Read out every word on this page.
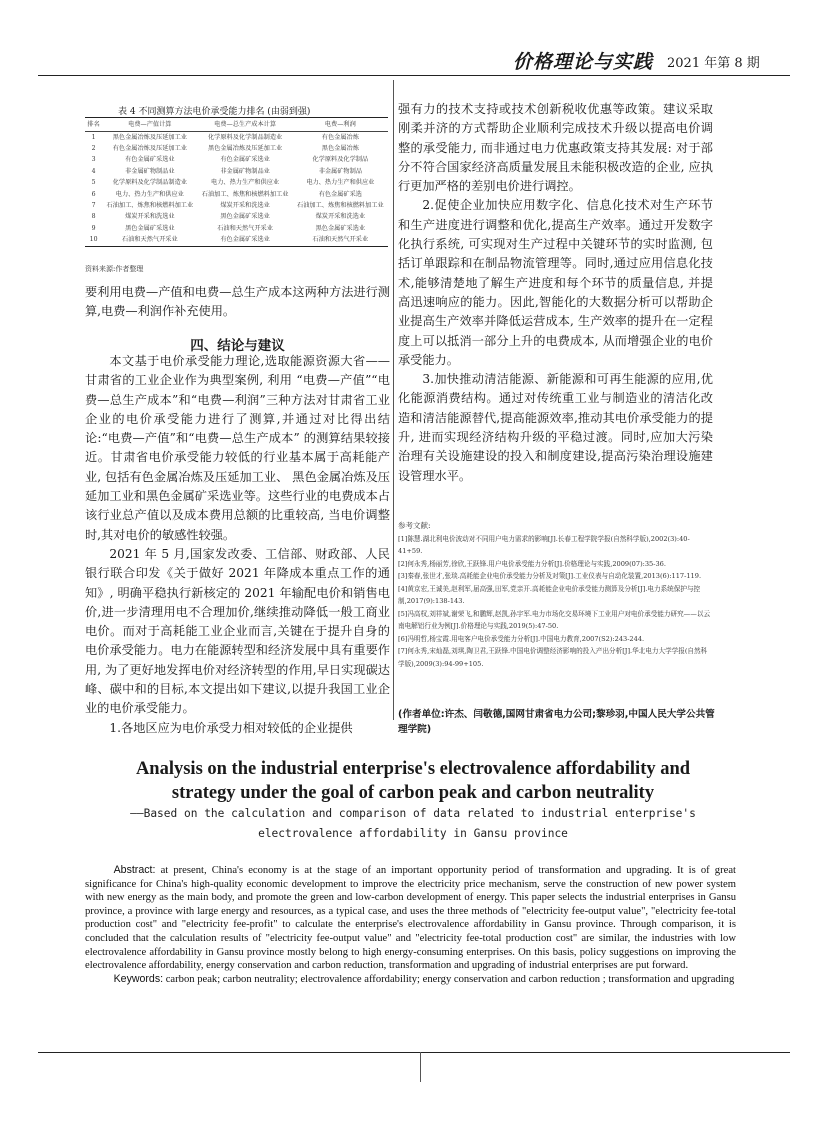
价格理论与实践 2021 年第 8 期
表 4 不同测算方法电价承受能力排名 (由弱到强)
排名	电费—产值计算	电费—总生产成本计算	电费—利润
1	黑色金属冶炼及压延加工业	化学原料及化学制品制造业	有色金属冶炼
2	有色金属冶炼及压延加工业	黑色金属冶炼及压延加工业	黑色金属冶炼
3	有色金属矿采选业	有色金属矿采选业	化学原料及化学制品
4	非金属矿物制品业	非金属矿物制品业	非金属矿物制品
5	化学原料及化学制品制造业	电力、热力生产和供应业	电力、热力生产和供应业
6	电力、热力生产和供应业	石油加工、炼焦和核燃料加工业	有色金属矿采选
7	石油加工、炼焦和核燃料加工业	煤炭开采和洗选业	石油加工、炼焦和核燃料加工业
8	煤炭开采和洗选业	黑色金属矿采选业	煤炭开采和洗选业
9	黑色金属矿采选业	石油和天然气开采业	黑色金属矿采选业
10	石油和天然气开采业	有色金属矿采选业	石油和天然气开采业
资料来源:作者整理

要利用电费—产值和电费—总生产成本这两种方法进行测算,电费—利润作补充使用。

四、结论与建议

本文基于电价承受能力理论,选取能源资源大省——甘肃省的工业企业作为典型案例, 利用 “电费—产值”“电费—总生产成本”和“电费—利润”三种方法对甘肃省工业企业的电价承受能力进行了测算,并通过对比得出结论:“电费—产值”和“电费—总生产成本” 的测算结果较接近。甘肃省电价承受能力较低的行业基本属于高耗能产业, 包括有色金属冶炼及压延加工业、 黑色金属冶炼及压延加工业和黑色金属矿采选业等。这些行业的电费成本占该行业总产值以及成本费用总额的比重较高, 当电价调整时,其对电价的敏感性较强。

2021 年 5 月,国家发改委、工信部、财政部、人民银行联合印发《关于做好 2021 年降成本重点工作的通知》, 明确平稳执行新核定的 2021 年输配电价和销售电价,进一步清理用电不合理加价,继续推动降低一般工商业电价。而对于高耗能工业企业而言,关键在于提升自身的电价承受能力。电力在能源转型和经济发展中具有重要作用, 为了更好地发挥电价对经济转型的作用,早日实现碳达峰、碳中和的目标,本文提出如下建议,以提升我国工业企业的电价承受能力。

1.各地区应为电价承受力相对较低的企业提供

强有力的技术支持或技术创新税收优惠等政策。建议采取刚柔并济的方式帮助企业顺利完成技术升级以提高电价调整的承受能力, 而非通过电力优惠政策支持其发展: 对于部分不符合国家经济高质量发展且未能积极改造的企业, 应执行更加严格的差别电价进行调控。

2.促使企业加快应用数字化、信息化技术对生产环节和生产进度进行调整和优化,提高生产效率。通过开发数字化执行系统, 可实现对生产过程中关键环节的实时监测, 包括订单跟踪和在制品物流管理等。同时,通过应用信息化技术,能够清楚地了解生产进度和每个环节的质量信息, 并提高迅速响应的能力。因此,智能化的大数据分析可以帮助企业提高生产效率并降低运营成本, 生产效率的提升在一定程度上可以抵消一部分上升的电费成本, 从而增强企业的电价承受能力。

3.加快推动清洁能源、新能源和可再生能源的应用,优化能源消费结构。通过对传统重工业与制造业的清洁化改造和清洁能源替代,提高能源效率,推动其电价承受能力的提升, 进而实现经济结构升级的平稳过渡。同时,应加大污染治理有关设施建设的投入和制度建设,提高污染治理设施建设管理水平。

参考文献:

[1]陈慧.湖北利电价波动对不同用户电力需求的影响[J].长春工程学院学报(自然科学版),2002(3):40-41+59.

[2]何永秀,杨丽芳,徐欣,王跃锋.用户电价承受能力分析[J].价格理论与实践,2009(07):35-36.

[3]秦春,张世才,张琰.高耗能企业电价承受能力分析及对策[J].工业仪表与自动化装置,2013(6):117-119.

[4]黄京宏,王诚美,赵利军,届高强,田军,党亲开.高耗能企业电价承受能力测算及分析[J].电力系统保护与控制,2017(9):138-143.

[5]冯高权,刘祥斌,谢荣飞,和鹏辉,赵凯,孙宇军.电力市场化交易环境下工业用户对电价承受能力研究——以云南电解铝行业为例[J].价格理论与实践,2019(5):47-50.

[6]冯明哲,杨宝霞.用电客户电价承受能力分析[J].中国电力教育,2007(S2):243-244.

[7]何永秀,宋灿磊,刘琪,陶卫君,王跃锋.中国电价调整经济影响的投入产出分析[J].华北电力大学学报(自然科学版),2009(3):94-99+105.

(作者单位:许杰、闫敬德,国网甘肃省电力公司;黎珍羽,中国人民大学公共管理学院)
Analysis on the industrial enterprise's electrovalence affordability and
strategy under the goal of carbon peak and carbon neutrality
——Based on the calculation and comparison of data related to industrial enterprise's
electrovalence affordability in Gansu province

Abstract: at present, China's economy is at the stage of an important opportunity period of transformation and upgrading. It is of great significance for China's high-quality economic development to improve the electricity price mechanism, serve the construction of new power system with new energy as the main body, and promote the green and low-carbon development of energy. This paper selects the industrial enterprises in Gansu province, a province with large energy and resources, as a typical case, and uses the three methods of "electricity fee-output value", "electricity fee-total production cost" and "electricity fee-profit" to calculate the enterprise's electrovalence affordability in Gansu province. Through comparison, it is concluded that the calculation results of "electricity fee-output value" and "electricity fee-total production cost" are similar, the industries with low electrovalence affordability in Gansu province mostly belong to high energy-consuming enterprises. On this basis, policy suggestions on improving the electrovalence affordability, energy conservation and carbon reduction, transformation and upgrading of industrial enterprises are put forward.

Keywords: carbon peak; carbon neutrality; electrovalence affordability; energy conservation and carbon reduction ; transformation and upgrading
